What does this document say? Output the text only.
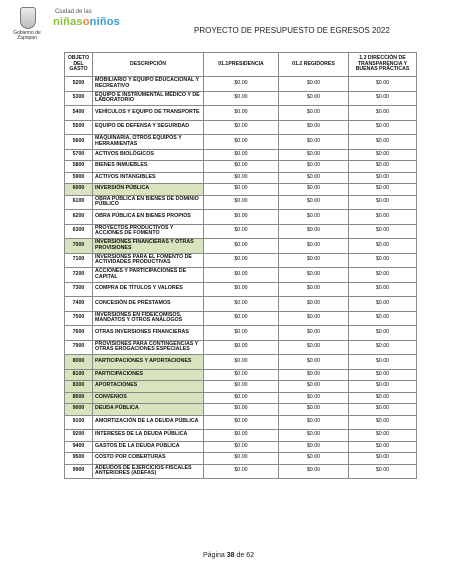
Gobierno de Zapopan
Ciudad de las
niñasoniños
PROYECTO DE PRESUPUESTO DE EGRESOS 2022
OBJETO DEL GASTO	DESCRIPCIÓN	01.1PRESIDENCIA	01.2 REGIDORES	1.3 DIRECCIÓN DE TRANSPARENCIA Y BUENAS PRÁCTICAS
5200	MOBILIARIO Y EQUIPO EDUCACIONAL Y RECREATIVO	$0.00	$0.00	$0.00
5300	EQUIPO E INSTRUMENTAL MÉDICO Y DE LABORATORIO	$0.00	$0.00	$0.00
5400	VEHÍCULOS Y EQUIPO DE TRANSPORTE	$0.00	$0.00	$0.00
5500	EQUIPO DE DEFENSA Y SEGURIDAD	$0.00	$0.00	$0.00
5600	MAQUINARIA, OTROS EQUIPOS Y HERRAMIENTAS	$0.00	$0.00	$0.00
5700	ACTIVOS BIOLÓGICOS	$0.00	$0.00	$0.00
5800	BIENES INMUEBLES	$0.00	$0.00	$0.00
5900	ACTIVOS INTANGIBLES	$0.00	$0.00	$0.00
6000	INVERSIÓN PÚBLICA	$0.00	$0.00	$0.00
6100	OBRA PÚBLICA EN BIENES DE DOMINIO PÚBLICO	$0.00	$0.00	$0.00
6200	OBRA PÚBLICA EN BIENES PROPIOS	$0.00	$0.00	$0.00
6300	PROYECTOS PRODUCTIVOS Y ACCIONES DE FOMENTO	$0.00	$0.00	$0.00
7000	INVERSIONES FINANCIERAS Y OTRAS PROVISIONES	$0.00	$0.00	$0.00
7100	INVERSIONES PARA EL FOMENTO DE ACTIVIDADES PRODUCTIVAS	$0.00	$0.00	$0.00
7200	ACCIONES Y PARTICIPACIONES DE CAPITAL	$0.00	$0.00	$0.00
7300	COMPRA DE TÍTULOS Y VALORES	$0.00	$0.00	$0.00
7400	CONCESIÓN DE PRÉSTAMOS	$0.00	$0.00	$0.00
7500	INVERSIONES EN FIDEICOMISOS, MANDATOS Y OTROS ANÁLOGOS	$0.00	$0.00	$0.00
7600	OTRAS INVERSIONES FINANCIERAS	$0.00	$0.00	$0.00
7900	PROVISIONES PARA CONTINGENCIAS Y OTRAS EROGACIONES ESPECIALES	$0.00	$0.00	$0.00
8000	PARTICIPACIONES Y APORTACIONES	$0.00	$0.00	$0.00
8100	PARTICIPACIONES	$0.00	$0.00	$0.00
8300	APORTACIONES	$0.00	$0.00	$0.00
8500	CONVENIOS	$0.00	$0.00	$0.00
9000	DEUDA PÚBLICA	$0.00	$0.00	$0.00
9100	AMORTIZACIÓN DE LA DEUDA PÚBLICA	$0.00	$0.00	$0.00
9200	INTERESES DE LA DEUDA PÚBLICA	$0.00	$0.00	$0.00
9400	GASTOS DE LA DEUDA PÚBLICA	$0.00	$0.00	$0.00
9500	COSTO POR COBERTURAS	$0.00	$0.00	$0.00
9900	ADEUDOS DE EJERCICIOS FISCALES ANTERIORES (ADEFAS)	$0.00	$0.00	$0.00
Página 38 de 62
